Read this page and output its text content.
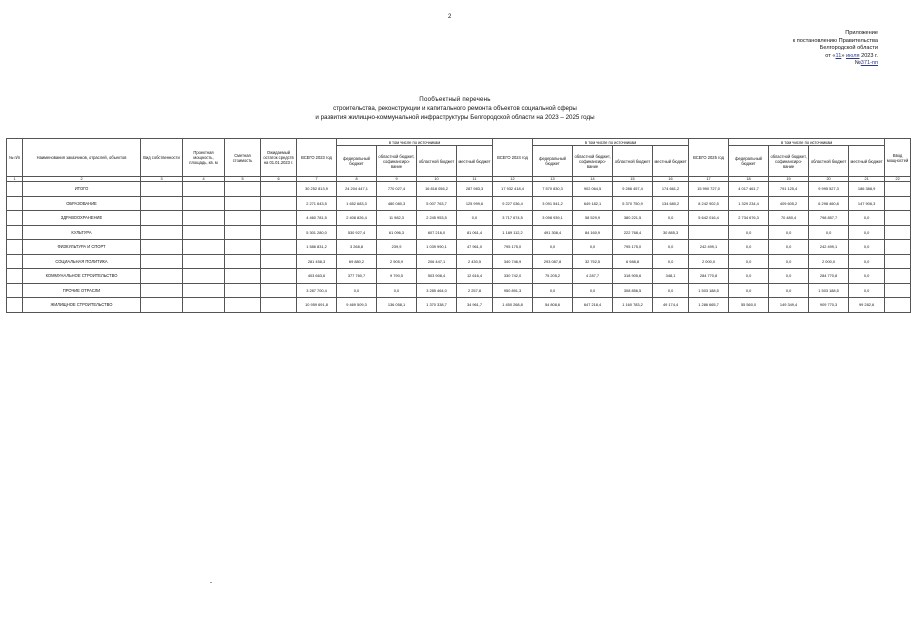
2
Приложение
к постановлению Правительства
Белгородской области
от «11» июля 2023 г.
№371-пп
Пообъектный перечень
строительства, реконструкции и капитального ремонта объектов социальной сферы
и развития жилищно-коммунальной инфраструктуры Белгородской области на 2023 – 2025 годы
№ п/п	Наименования заказчиков, отраслей, объектов	Вид собственности	Проектная мощность, площадь, кв. м	Сметная стоимость	Ожидаемый остаток средств на 01.01.2023 г.	ВСЕГО 2023 год	в том числе по источникам				ВСЕГО 2024 год	в том числе по источникам				ВСЕГО 2025 год	в том числе по источникам				Ввод мощностей
							федеральный бюджет	областной бюджет, софинансиро-вание	областной бюджет	местный бюджет		федеральный бюджет	областной бюджет, софинансиро-вание	областной бюджет	местный бюджет		федеральный бюджет	областной бюджет, софинансиро-вание	областной бюджет	местный бюджет	
1	2	3	4	5	6	7	8	9	10	11	12	13	14	15	16	17	18	19	20	21	22
	ИТОГО					30 252 813,9	24 204 447,1	770 027,4	16 818 056,2	287 983,3	17 932 418,4	7 570 830,3	902 064,5	9 286 457,4	174 661,2	15 990 727,0	4 017 461,7	791 125,4	9 995 527,3	186 388,9	
	ОБРАЗОВАНИЕ					2 271 643,5	1 652 683,3	480 080,3	5 007 763,7	125 999,6	9 227 036,4	3 091 541,2	649 182,1	5 370 750,9	134 680,2	8 242 902,5	1 329 234,4	409 605,2	6 298 460,8	147 906,3	
	ЗДРАВООХРАНЕНИЕ					4 460 781,5	2 408 826,4	11 982,3	2 245 953,5	0,0	3 717 674,5	3 098 939,1	58 529,9	380 221,5	0,0	5 642 016,4	2 734 676,3	70 480,4	798 857,7	0,0	
	КУЛЬТУРА					5 301 280,0	530 927,4	61 096,3	607 216,0	81 061,4	1 189 112,2	491 308,4	84 160,9	222 768,4	30 885,3		0,0	0,0	0,0	0,0	
	ФИЗКУЛЬТУРА И СПОРТ					1 586 831,2	3 268,8	239,9	1 039 990,1	47 961,0	795 175,0	0,0	0,0	795 175,0	0,0	242 499,1	0,0	0,0	242 499,1	0,0	
	СОЦИАЛЬНАЯ ПОЛИТИКА					281 458,3	69 880,2	2 905,9	206 447,1	2 430,5	340 746,9	293 087,8	32 752,5	6 988,8	0,0	2 000,0	0,0	0,0	2 000,0	0,0	
	КОММУНАЛЬНОЕ СТРОИТЕЛЬСТВО					403 663,6	377 760,7	9 790,5	503 908,4	12 616,4	330 742,0	75 205,2	4 287,7	318 905,6	348,1	284 770,8	0,0	0,0	284 770,8	0,0	
	ПРОЧИЕ ОТРАСЛИ					3 287 700,4	0,0	0,0	3 285 464,0	2 257,8	950 891,3	0,0	0,0	308 856,5	0,0	1 503 188,5	0,0	0,0	1 503 188,5	0,0	
	ЖИЛИЩНОЕ СТРОИТЕЛЬСТВО					10 959 691,8	9 469 509,3	136 058,1	1 370 338,7	34 961,7	1 450 268,8	54 808,6	647 218,4	1 160 783,2	49 174,4	1 286 665,7	55 560,0	149 349,4	909 770,3	99 282,6	
